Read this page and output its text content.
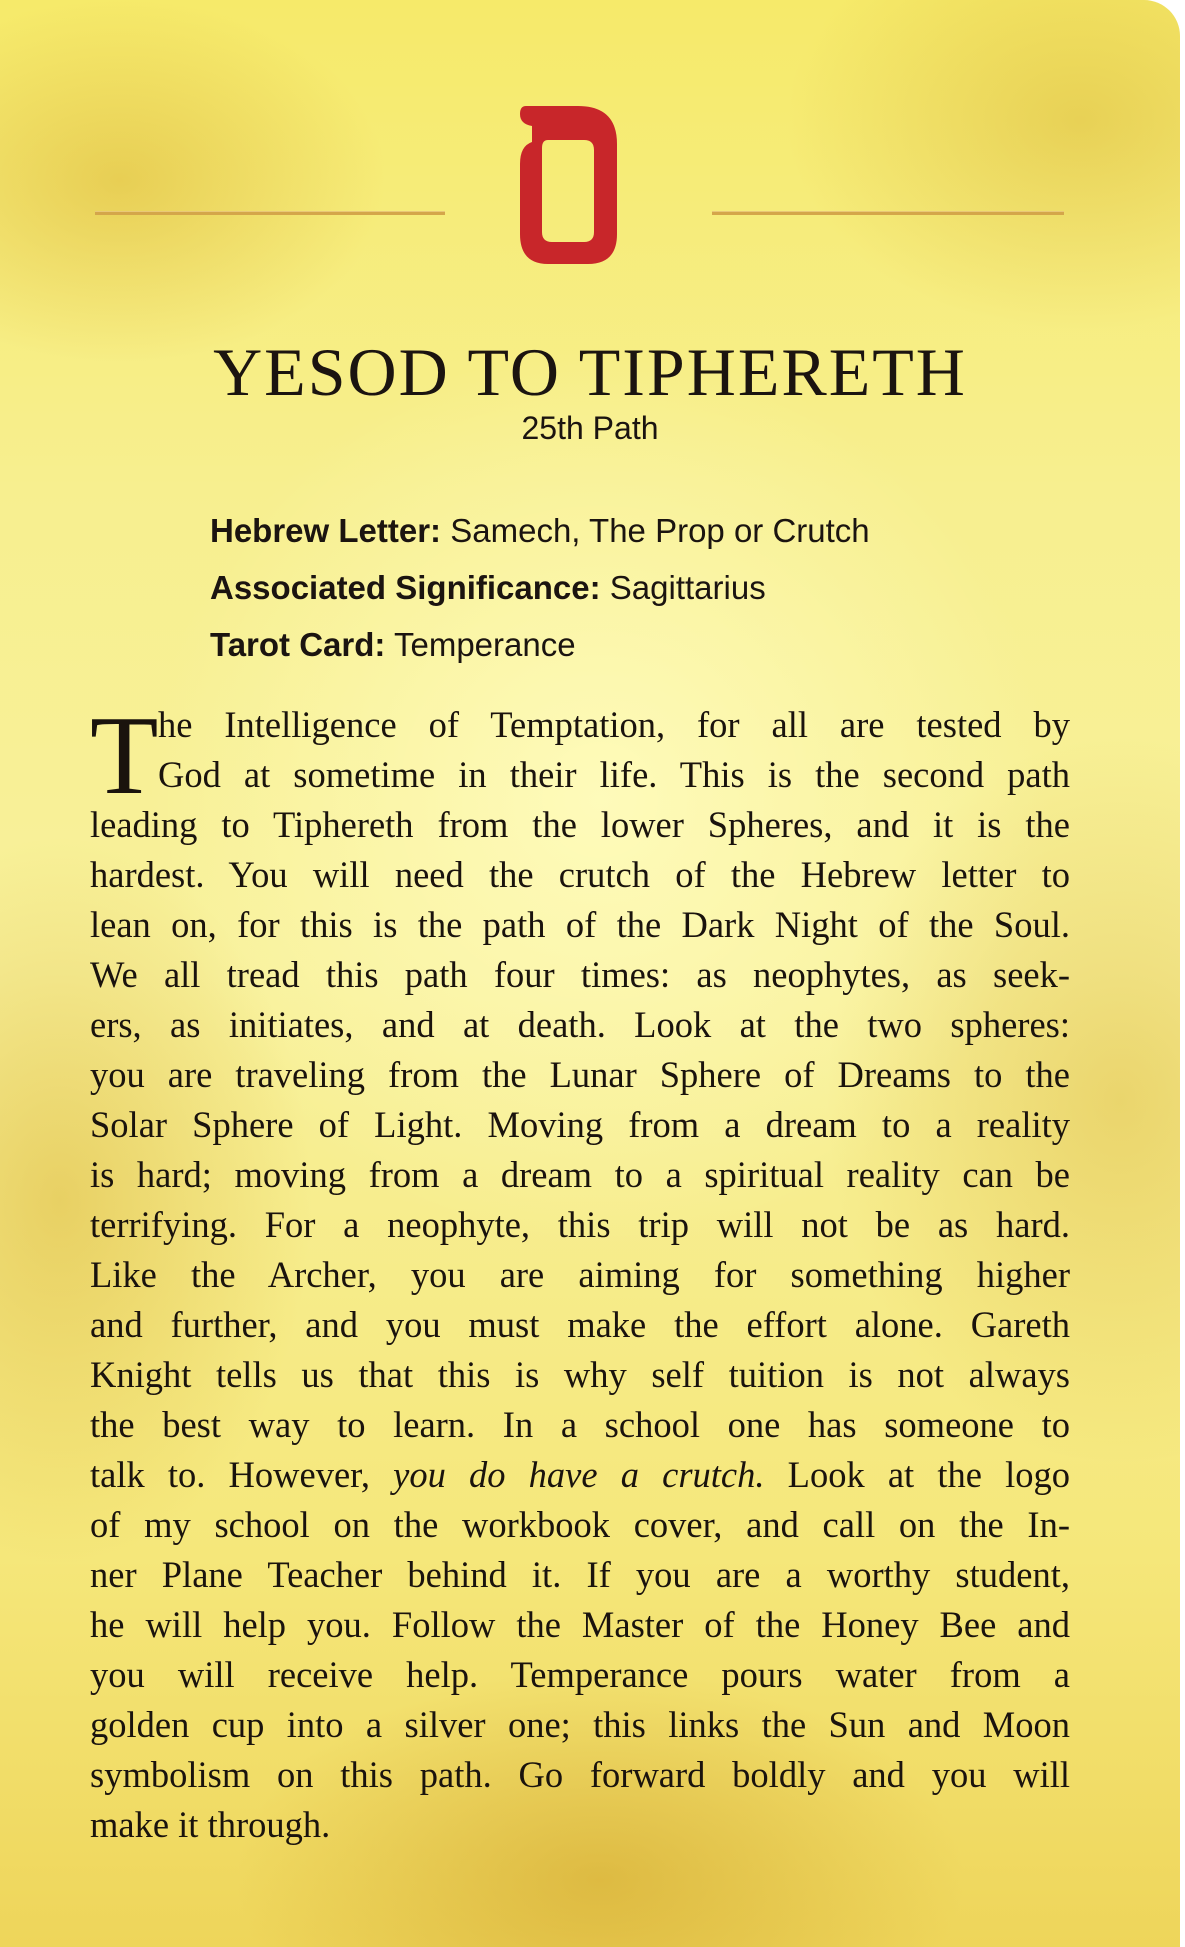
YESOD TO TIPHERETH
25th Path
Hebrew Letter: Samech, The Prop or Crutch
Associated Significance: Sagittarius
Tarot Card: Temperance
T he Intelligence of Temptation, for all are tested by
God at sometime in their life. This is the second path
leading to Tiphereth from the lower Spheres, and it is the
hardest. You will need the crutch of the Hebrew letter to
lean on, for this is the path of the Dark Night of the Soul.
We all tread this path four times: as neophytes, as seek-
ers, as initiates, and at death. Look at the two spheres:
you are traveling from the Lunar Sphere of Dreams to the
Solar Sphere of Light. Moving from a dream to a reality
is hard; moving from a dream to a spiritual reality can be
terrifying. For a neophyte, this trip will not be as hard.
Like the Archer, you are aiming for something higher
and further, and you must make the effort alone. Gareth
Knight tells us that this is why self tuition is not always
the best way to learn. In a school one has someone to
talk to. However, you do have a crutch. Look at the logo
of my school on the workbook cover, and call on the In-
ner Plane Teacher behind it. If you are a worthy student,
he will help you. Follow the Master of the Honey Bee and
you will receive help. Temperance pours water from a
golden cup into a silver one; this links the Sun and Moon
symbolism on this path. Go forward boldly and you will
make it through.
